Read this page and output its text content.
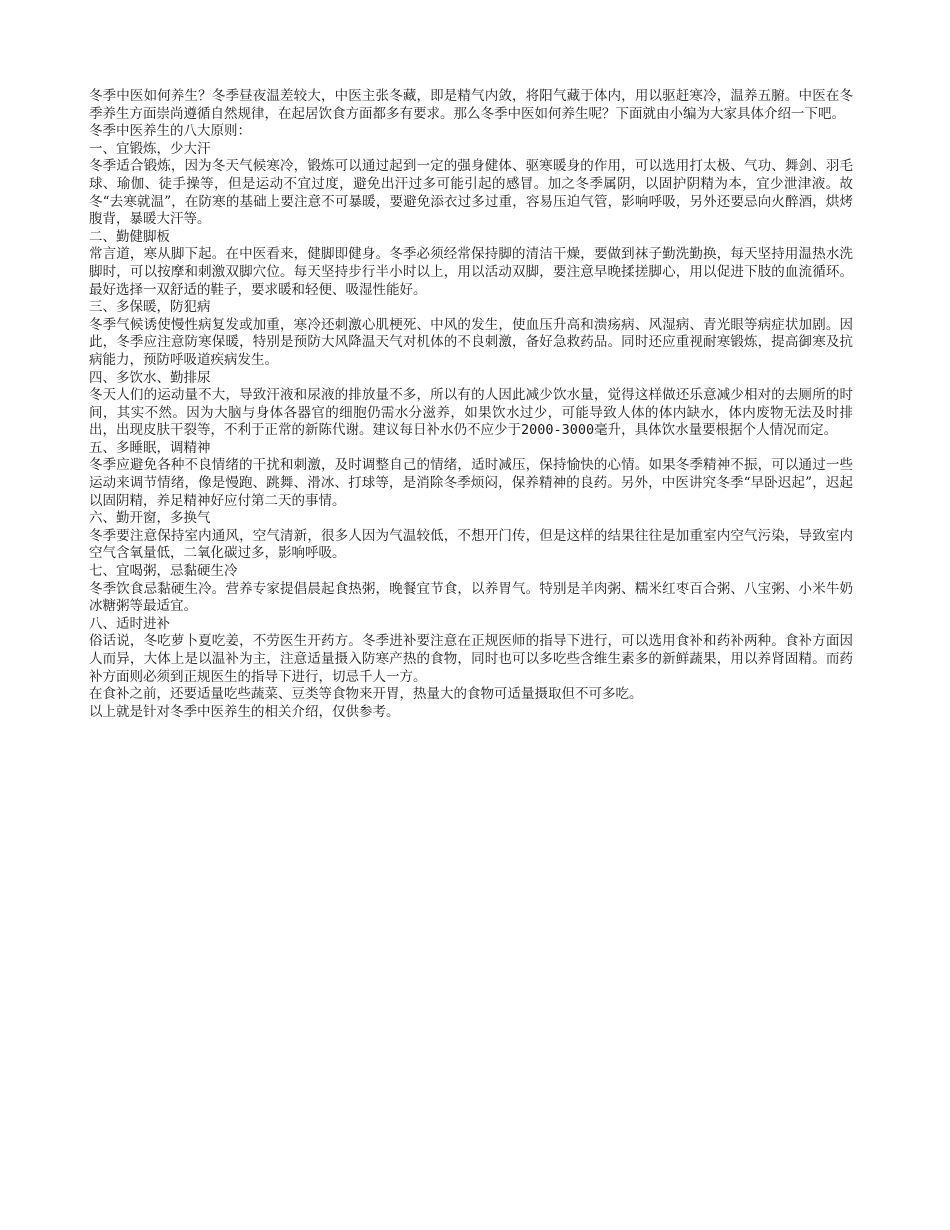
冬季中医如何养生？冬季昼夜温差较大，中医主张冬藏，即是精气内敛，将阳气藏于体内，用以驱赶寒冷，温养五腑。中医在冬季养生方面崇尚遵循自然规律，在起居饮食方面都多有要求。那么冬季中医如何养生呢？下面就由小编为大家具体介绍一下吧。

冬季中医养生的八大原则：

一、宜锻炼，少大汗

冬季适合锻炼，因为冬天气候寒冷，锻炼可以通过起到一定的强身健体、驱寒暖身的作用，可以选用打太极、气功、舞剑、羽毛球、瑜伽、徒手操等，但是运动不宜过度，避免出汗过多可能引起的感冒。加之冬季属阴，以固护阴精为本，宜少泄津液。故冬“去寒就温”，在防寒的基础上要注意不可暴暖，要避免添衣过多过重，容易压迫气管，影响呼吸，另外还要忌向火醉酒，烘烤腹背，暴暖大汗等。

二、勤健脚板

常言道，寒从脚下起。在中医看来，健脚即健身。冬季必须经常保持脚的清洁干燥，要做到袜子勤洗勤换，每天坚持用温热水洗脚时，可以按摩和刺激双脚穴位。每天坚持步行半小时以上，用以活动双脚，要注意早晚揉搓脚心，用以促进下肢的血流循环。最好选择一双舒适的鞋子，要求暖和轻便、吸湿性能好。

三、多保暖，防犯病

冬季气候诱使慢性病复发或加重，寒冷还刺激心肌梗死、中风的发生，使血压升高和溃疡病、风湿病、青光眼等病症状加剧。因此，冬季应注意防寒保暖，特别是预防大风降温天气对机体的不良刺激，备好急救药品。同时还应重视耐寒锻炼，提高御寒及抗病能力，预防呼吸道疾病发生。

四、多饮水、勤排尿

冬天人们的运动量不大，导致汗液和尿液的排放量不多，所以有的人因此减少饮水量，觉得这样做还乐意减少相对的去厕所的时间，其实不然。因为大脑与身体各器官的细胞仍需水分滋养，如果饮水过少，可能导致人体的体内缺水，体内废物无法及时排出，出现皮肤干裂等，不利于正常的新陈代谢。建议每日补水仍不应少于2000-3000毫升，具体饮水量要根据个人情况而定。

五、多睡眠，调精神

冬季应避免各种不良情绪的干扰和刺激，及时调整自己的情绪，适时减压，保持愉快的心情。如果冬季精神不振，可以通过一些运动来调节情绪，像是慢跑、跳舞、滑冰、打球等，是消除冬季烦闷，保养精神的良药。另外，中医讲究冬季“早卧迟起”，迟起以固阴精，养足精神好应付第二天的事情。

六、勤开窗，多换气

冬季要注意保持室内通风，空气清新，很多人因为气温较低，不想开门传，但是这样的结果往往是加重室内空气污染，导致室内空气含氧量低，二氧化碳过多，影响呼吸。

七、宜喝粥，忌黏硬生冷

冬季饮食忌黏硬生冷。营养专家提倡晨起食热粥，晚餐宜节食，以养胃气。特别是羊肉粥、糯米红枣百合粥、八宝粥、小米牛奶冰糖粥等最适宜。

八、适时进补

俗话说，冬吃萝卜夏吃姜，不劳医生开药方。冬季进补要注意在正规医师的指导下进行，可以选用食补和药补两种。食补方面因人而异，大体上是以温补为主，注意适量摄入防寒产热的食物，同时也可以多吃些含维生素多的新鲜蔬果，用以养肾固精。而药补方面则必须到正规医生的指导下进行，切忌千人一方。

在食补之前，还要适量吃些蔬菜、豆类等食物来开胃，热量大的食物可适量摄取但不可多吃。

以上就是针对冬季中医养生的相关介绍，仅供参考。
